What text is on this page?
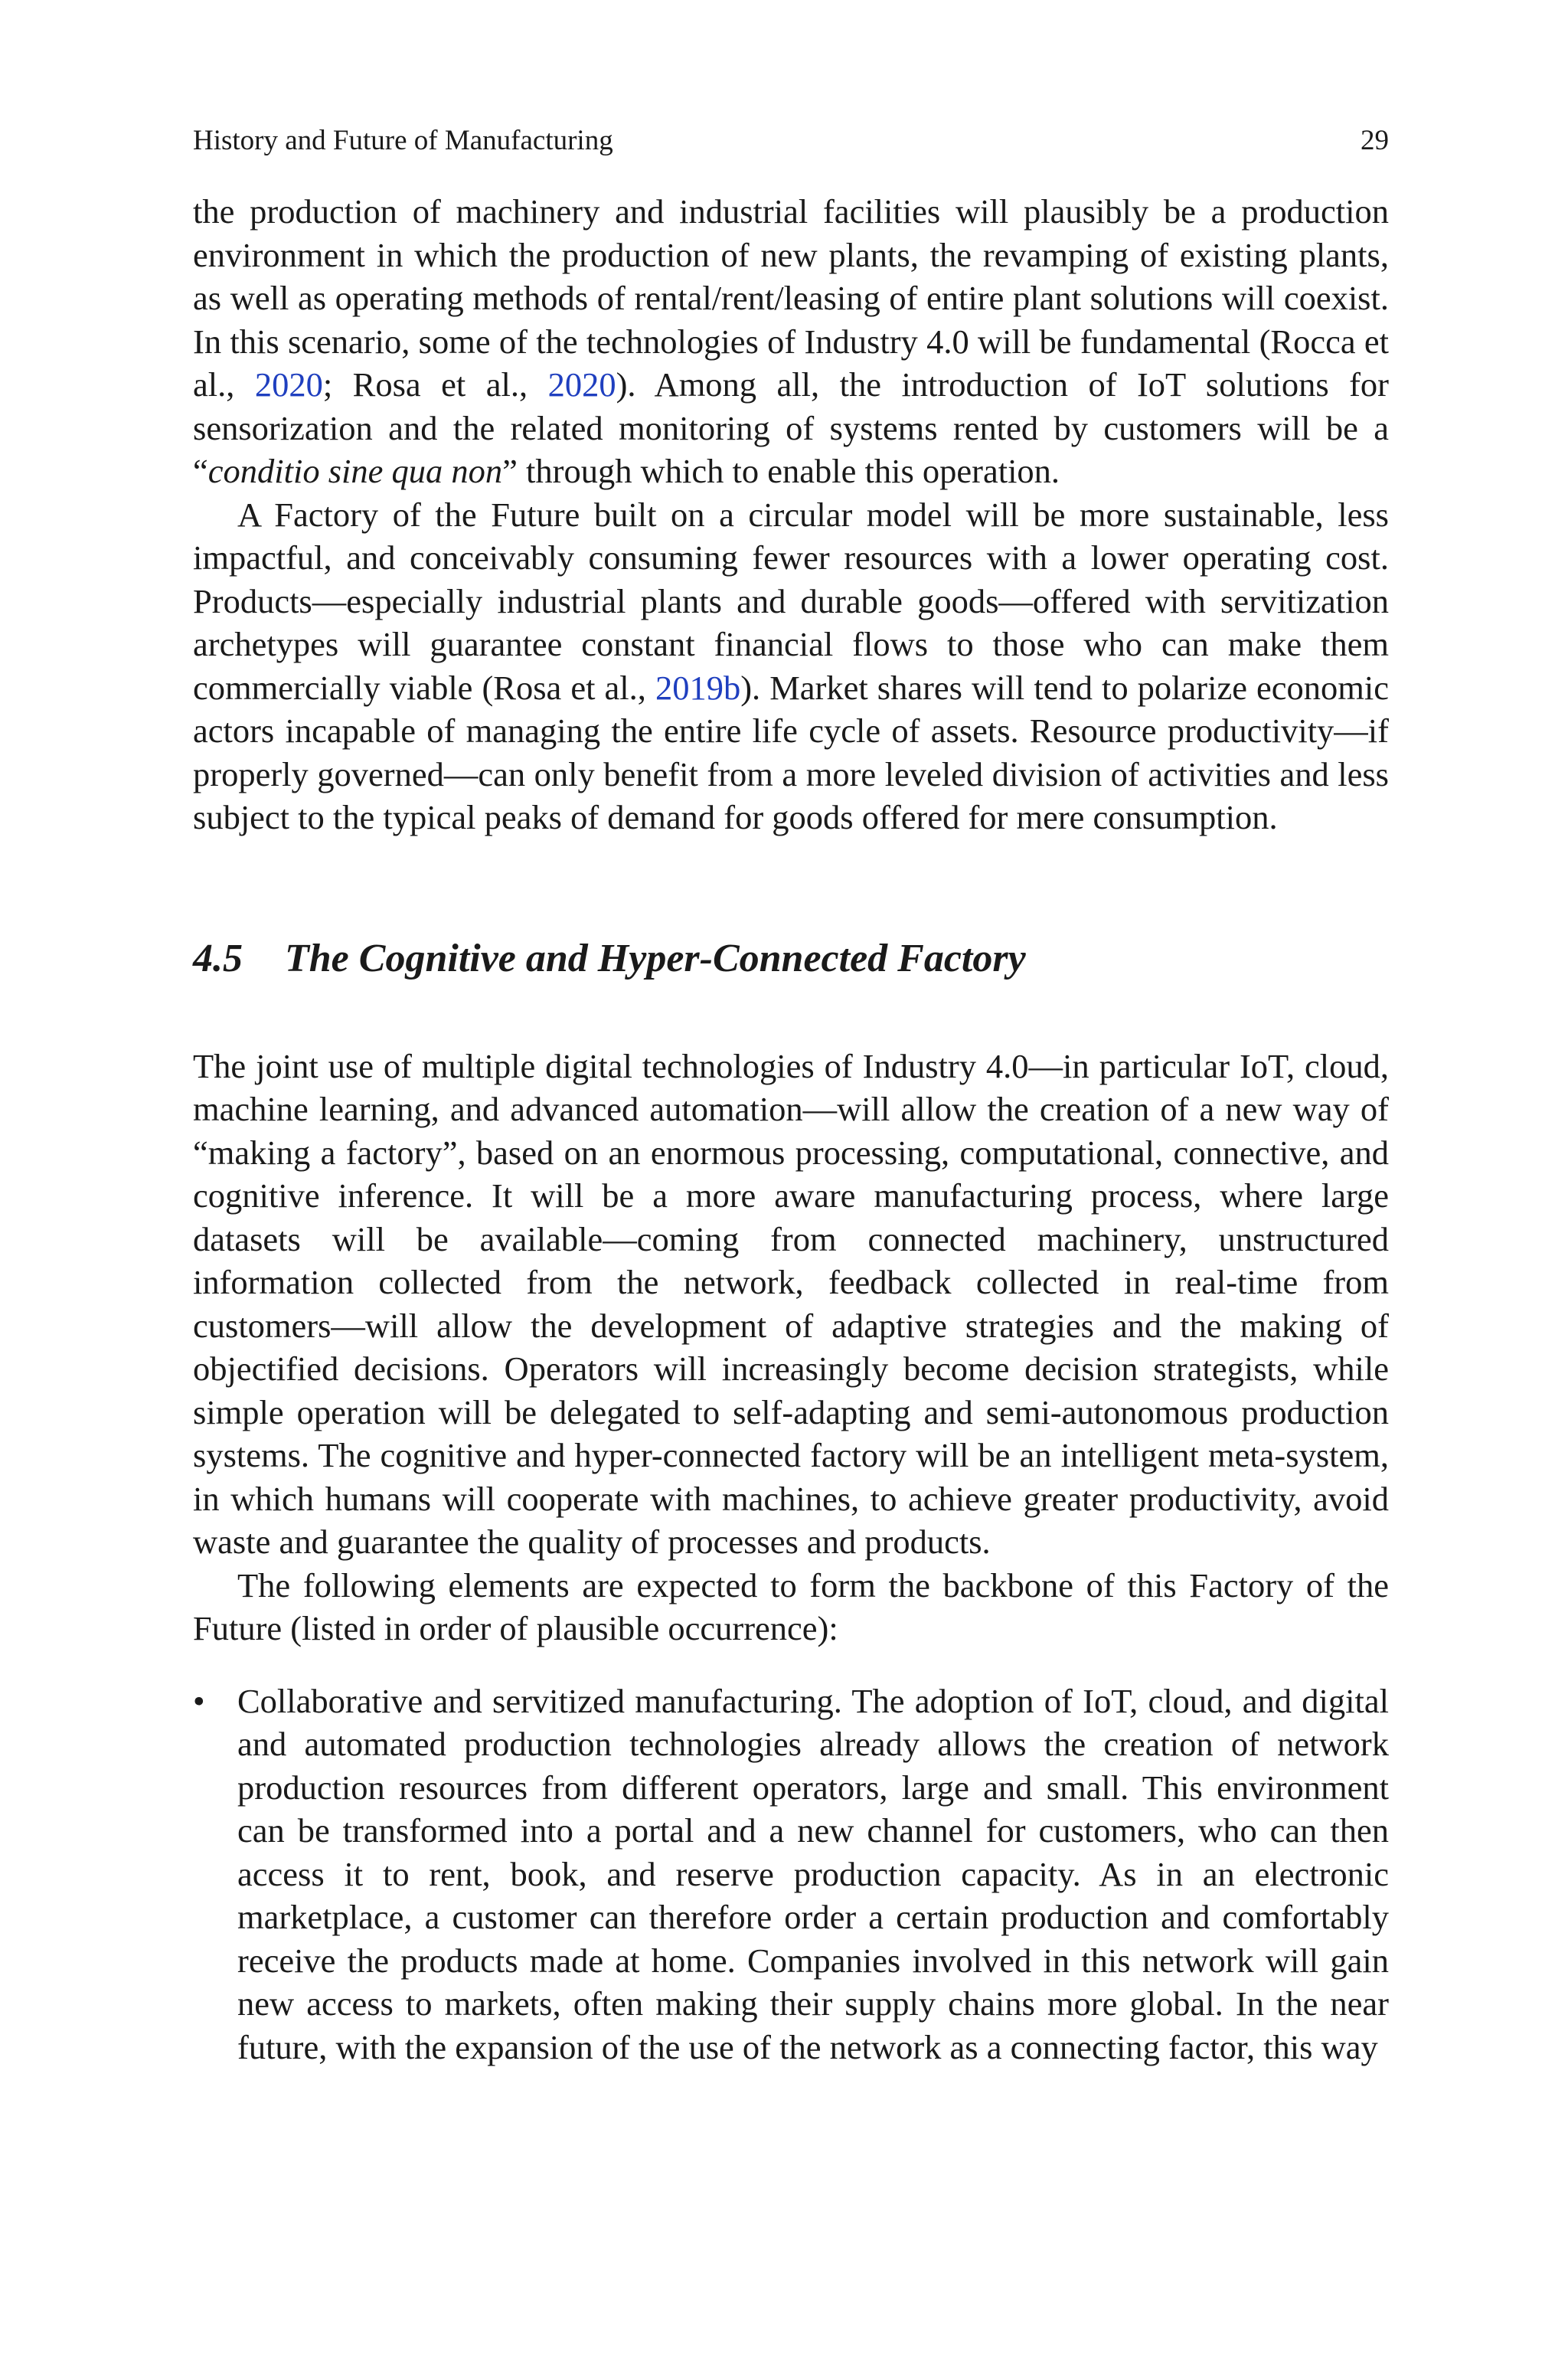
History and Future of Manufacturing	29

the production of machinery and industrial facilities will plausibly be a production environment in which the production of new plants, the revamping of existing plants, as well as operating methods of rental/rent/leasing of entire plant solutions will coexist. In this scenario, some of the technologies of Industry 4.0 will be fundamental (Rocca et al., 2020; Rosa et al., 2020). Among all, the introduction of IoT solutions for sensorization and the related monitoring of systems rented by customers will be a “conditio sine qua non” through which to enable this operation.

A Factory of the Future built on a circular model will be more sustainable, less impactful, and conceivably consuming fewer resources with a lower operating cost. Products—especially industrial plants and durable goods—offered with servitization archetypes will guarantee constant financial flows to those who can make them commercially viable (Rosa et al., 2019b). Market shares will tend to polarize economic actors incapable of managing the entire life cycle of assets. Resource productivity—if properly governed—can only benefit from a more leveled division of activities and less subject to the typical peaks of demand for goods offered for mere consumption.

4.5	The Cognitive and Hyper-Connected Factory

The joint use of multiple digital technologies of Industry 4.0—in particular IoT, cloud, machine learning, and advanced automation—will allow the creation of a new way of “making a factory”, based on an enormous processing, computational, connective, and cognitive inference. It will be a more aware manufacturing process, where large datasets will be available—coming from connected machinery, unstructured information collected from the network, feedback collected in real-time from customers—will allow the development of adaptive strategies and the making of objectified decisions. Operators will increasingly become decision strategists, while simple operation will be delegated to self-adapting and semi-autonomous production systems. The cognitive and hyper-connected factory will be an intelligent meta-system, in which humans will cooperate with machines, to achieve greater productivity, avoid waste and guarantee the quality of processes and products.

The following elements are expected to form the backbone of this Factory of the Future (listed in order of plausible occurrence):

• Collaborative and servitized manufacturing. The adoption of IoT, cloud, and digital and automated production technologies already allows the creation of network production resources from different operators, large and small. This environment can be transformed into a portal and a new channel for customers, who can then access it to rent, book, and reserve production capacity. As in an electronic marketplace, a customer can therefore order a certain production and comfortably receive the products made at home. Companies involved in this network will gain new access to markets, often making their supply chains more global. In the near future, with the expansion of the use of the network as a connecting factor, this way
